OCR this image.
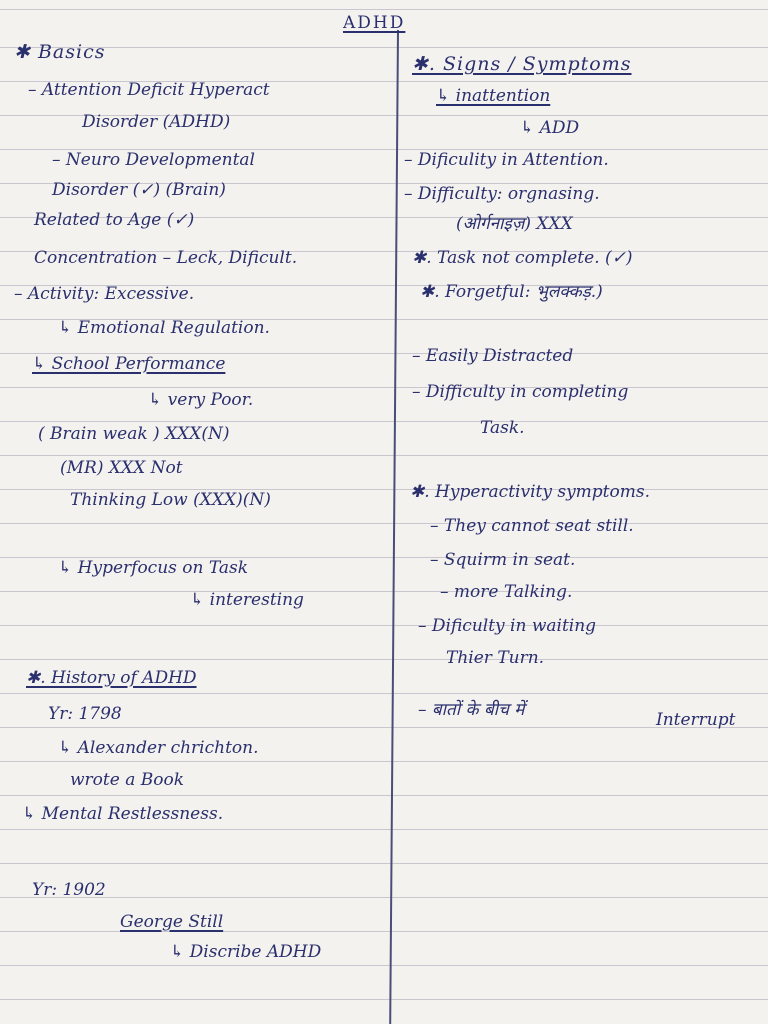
ADHD
✱ Basics
– Attention Deficit Hyperact
Disorder (ADHD)
– Neuro Developmental
Disorder (✓) (Brain)
Related to Age (✓)
Concentration – Leck, Dificult.
– Activity: Excessive.
↳ Emotional Regulation.
↳ School Performance
↳ very Poor.
( Brain weak ) XXX(N)
(MR) XXX Not
Thinking Low (XXX)(N)
↳ Hyperfocus on Task
↳ interesting
✱. History of ADHD
Yr: 1798
↳ Alexander chrichton.
wrote a Book
↳ Mental Restlessness.
Yr: 1902
George Still
↳ Discribe ADHD
✱. Signs / Symptoms
↳ inattention
↳ ADD
– Dificulity in Attention.
– Difficulty: orgnasing.
(ओर्गनाइज़) XXX
✱. Task not complete. (✓)
✱. Forgetful: भुलक्कड़.)
– Easily Distracted
– Difficulty in completing
Task.
✱. Hyperactivity symptoms.
– They cannot seat still.
– Squirm in seat.
– more Talking.
– Dificulty in waiting
Thier Turn.
– बातों के बीच में	Interrupt
